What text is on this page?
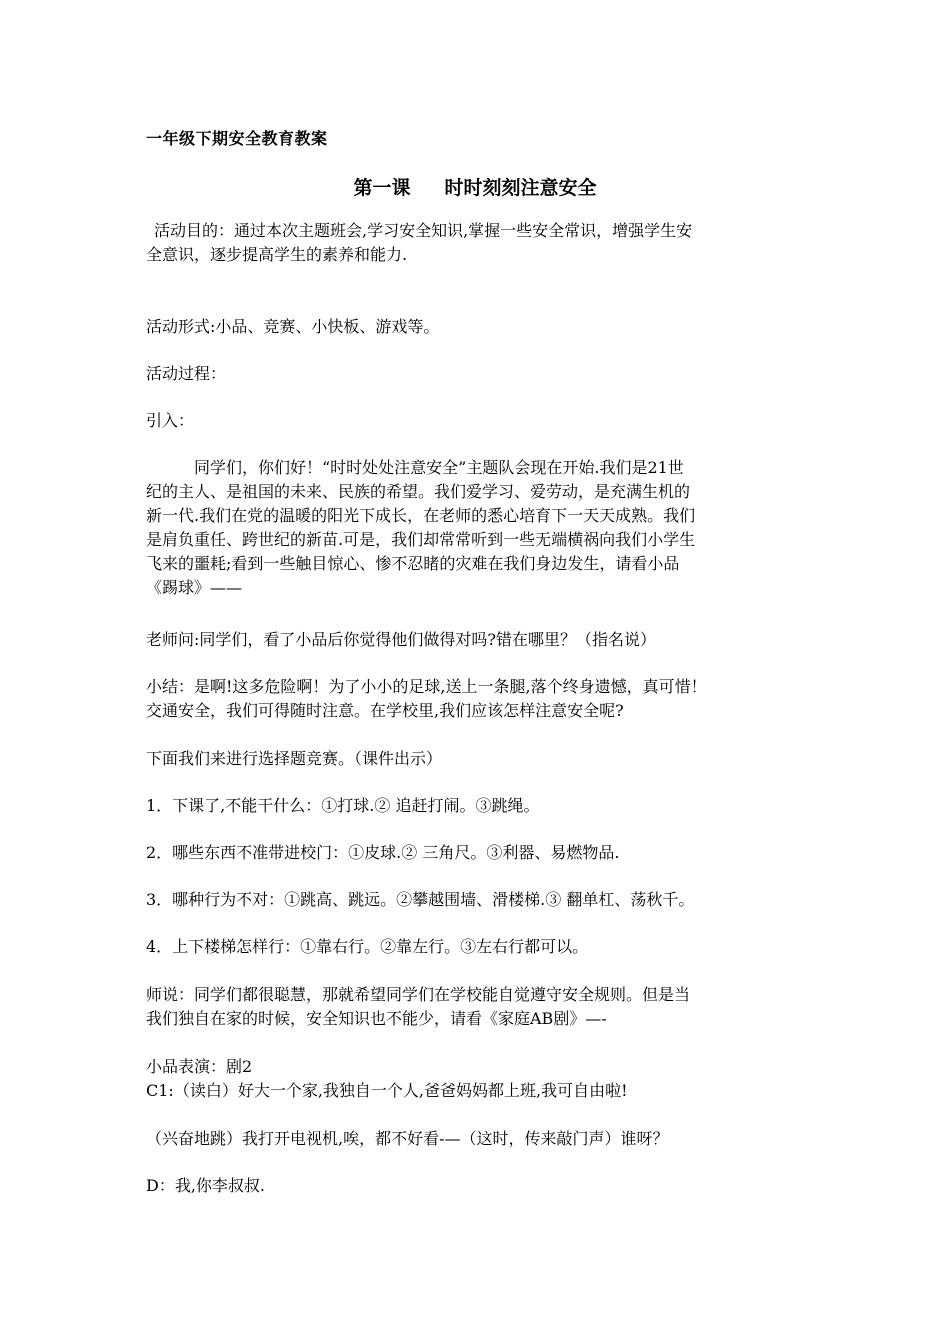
一年级下期安全教育教案
第一课 时时刻刻注意安全
 活动目的：通过本次主题班会,学习安全知识,掌握一些安全常识，增强学生安
全意识，逐步提高学生的素养和能力.
活动形式:小品、竞赛、小快板、游戏等。
活动过程：
引入：
   同学们，你们好！“时时处处注意安全”主题队会现在开始.我们是21世
纪的主人、是祖国的未来、民族的希望。我们爱学习、爱劳动，是充满生机的
新一代.我们在党的温暖的阳光下成长，在老师的悉心培育下一天天成熟。我们
是肩负重任、跨世纪的新苗.可是，我们却常常听到一些无端横祸向我们小学生
飞来的噩耗;看到一些触目惊心、惨不忍睹的灾难在我们身边发生，请看小品
《踢球》——
老师问:同学们，看了小品后你觉得他们做得对吗?错在哪里？（指名说）
小结：是啊!这多危险啊！为了小小的足球,送上一条腿,落个终身遗憾，真可惜！
交通安全，我们可得随时注意。在学校里,我们应该怎样注意安全呢?
下面我们来进行选择题竞赛。（课件出示）
1．下课了,不能干什么：①打球.② 追赶打闹。③跳绳。
2．哪些东西不准带进校门：①皮球.② 三角尺。③利器、易燃物品.
3．哪种行为不对：①跳高、跳远。②攀越围墙、滑楼梯.③ 翻单杠、荡秋千。
4．上下楼梯怎样行：①靠右行。②靠左行。③左右行都可以。
师说：同学们都很聪慧，那就希望同学们在学校能自觉遵守安全规则。但是当
我们独自在家的时候，安全知识也不能少，请看《家庭AB剧》—-
小品表演：剧2
C1:（读白）好大一个家,我独自一个人,爸爸妈妈都上班,我可自由啦!
（兴奋地跳）我打开电视机,唉，都不好看-—（这时，传来敲门声）谁呀？
D：我,你李叔叔.
